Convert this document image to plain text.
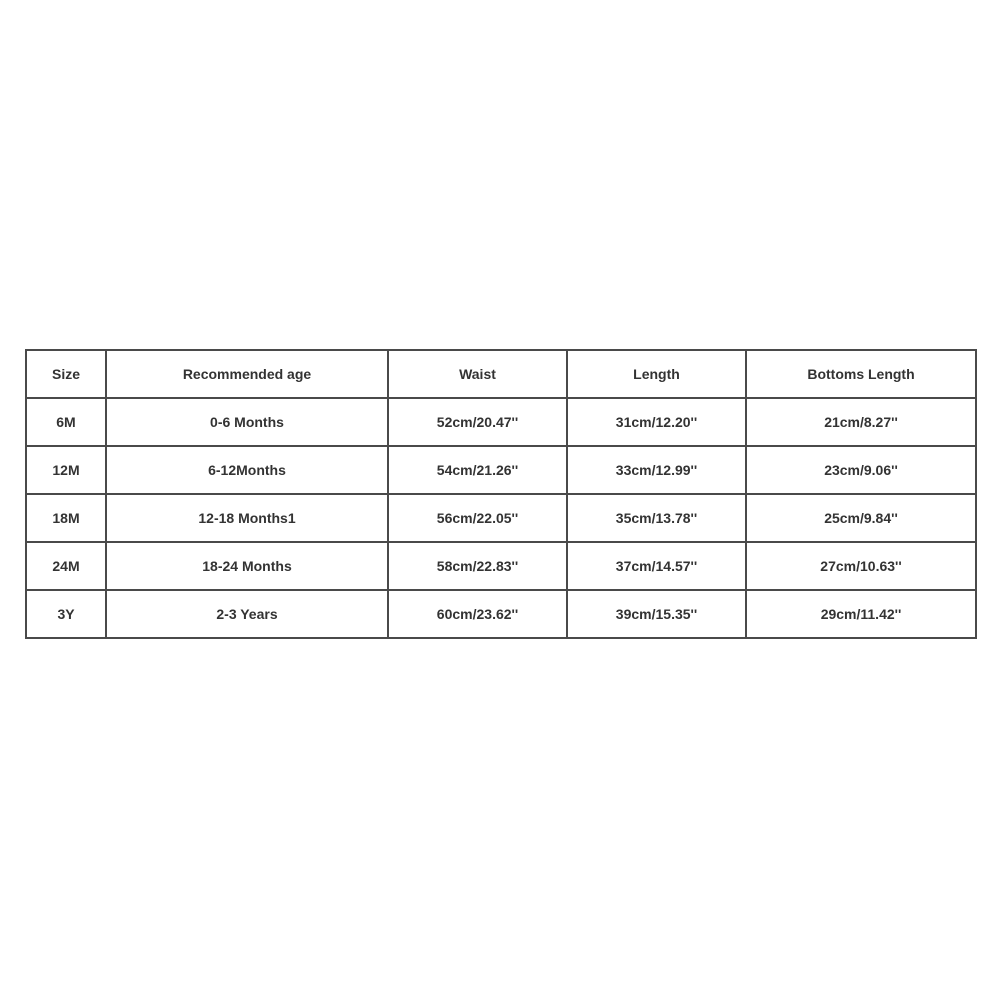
Size	Recommended age	Waist	Length	Bottoms Length
6M	0-6 Months	52cm/20.47''	31cm/12.20''	21cm/8.27''
12M	6-12Months	54cm/21.26''	33cm/12.99''	23cm/9.06''
18M	12-18 Months1	56cm/22.05''	35cm/13.78''	25cm/9.84''
24M	18-24 Months	58cm/22.83''	37cm/14.57''	27cm/10.63''
3Y	2-3 Years	60cm/23.62''	39cm/15.35''	29cm/11.42''
